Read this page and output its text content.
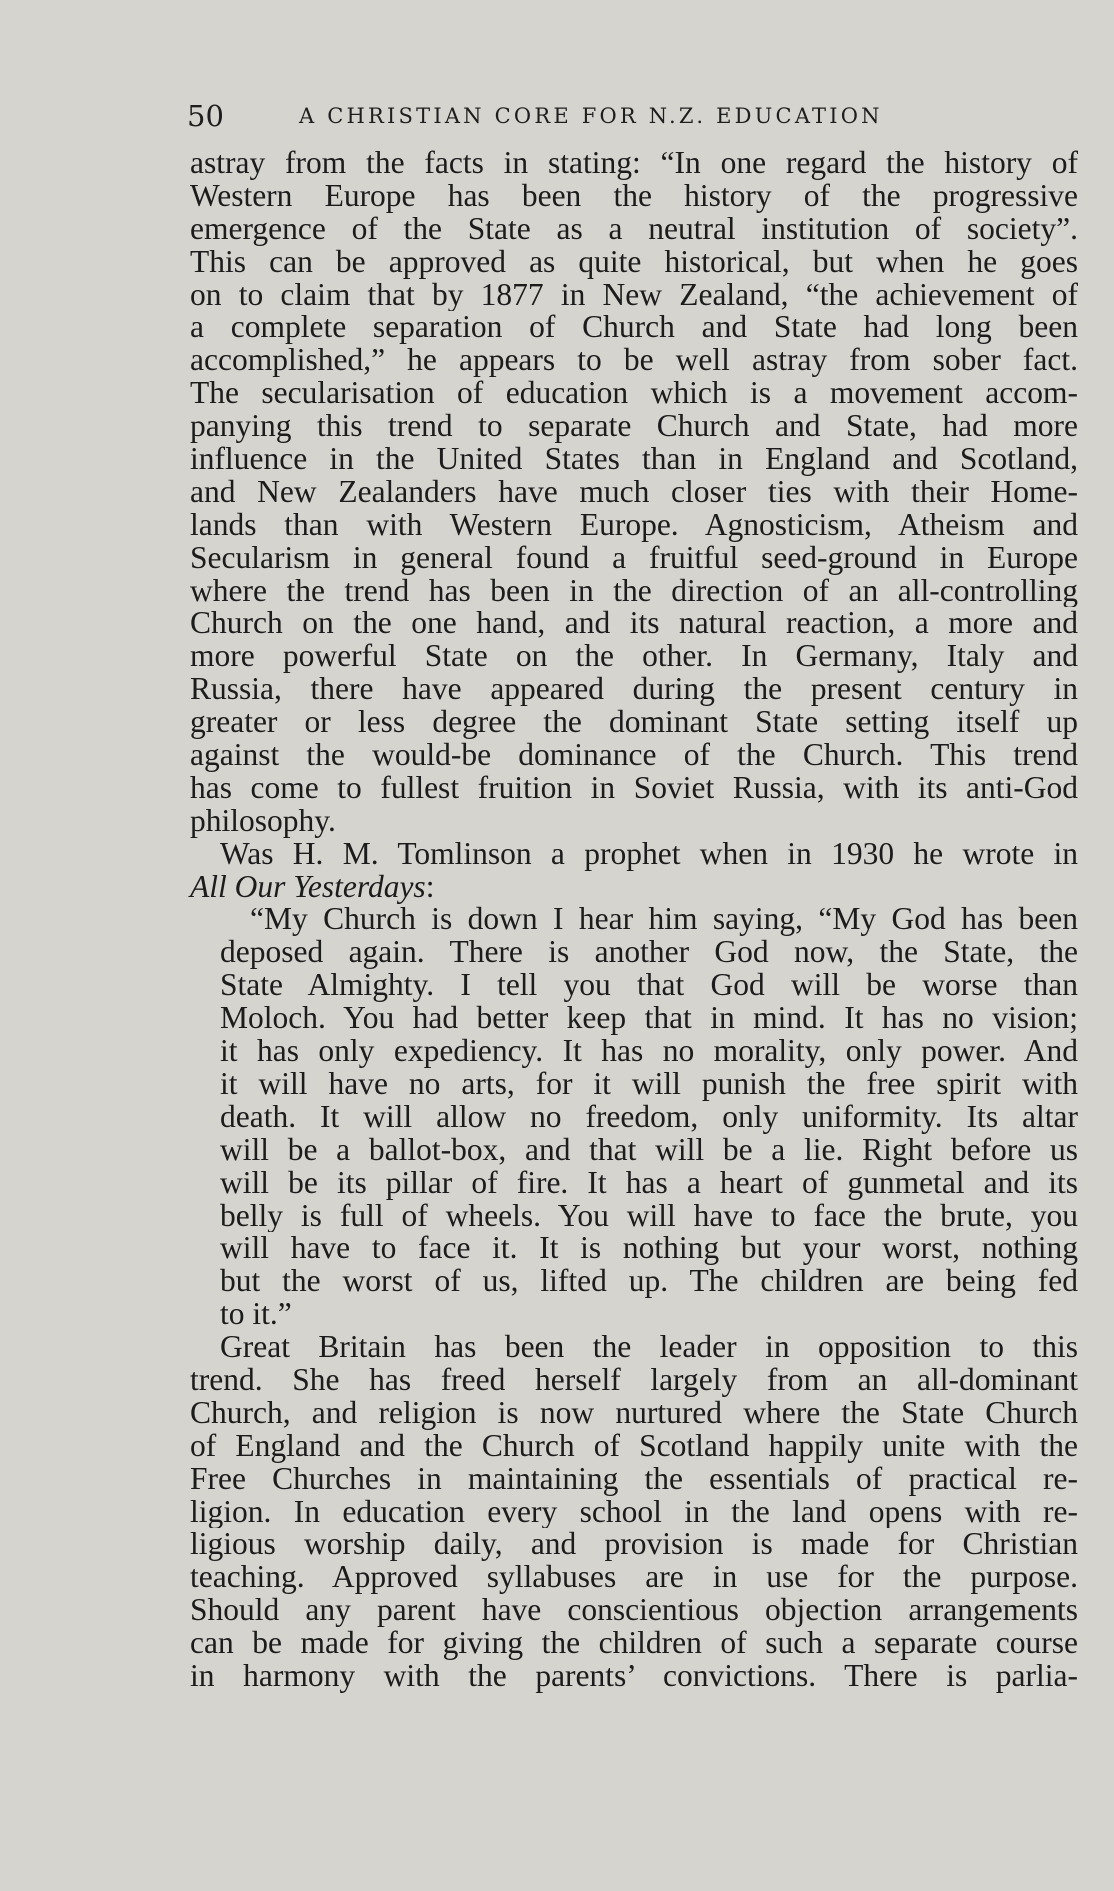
50	A CHRISTIAN CORE FOR N.Z. EDUCATION
astray from the facts in stating: “In one regard the history of
Western Europe has been the history of the progressive
emergence of the State as a neutral institution of society”.
This can be approved as quite historical, but when he goes
on to claim that by 1877 in New Zealand, “the achievement of
a complete separation of Church and State had long been
accomplished,” he appears to be well astray from sober fact.
The secularisation of education which is a movement accom-
panying this trend to separate Church and State, had more
influence in the United States than in England and Scotland,
and New Zealanders have much closer ties with their Home-
lands than with Western Europe. Agnosticism, Atheism and
Secularism in general found a fruitful seed-ground in Europe
where the trend has been in the direction of an all-controlling
Church on the one hand, and its natural reaction, a more and
more powerful State on the other. In Germany, Italy and
Russia, there have appeared during the present century in
greater or less degree the dominant State setting itself up
against the would-be dominance of the Church. This trend
has come to fullest fruition in Soviet Russia, with its anti-God
philosophy.
Was H. M. Tomlinson a prophet when in 1930 he wrote in
All Our Yesterdays:
“My Church is down I hear him saying, “My God has been
deposed again. There is another God now, the State, the
State Almighty. I tell you that God will be worse than
Moloch. You had better keep that in mind. It has no vision;
it has only expediency. It has no morality, only power. And
it will have no arts, for it will punish the free spirit with
death. It will allow no freedom, only uniformity. Its altar
will be a ballot-box, and that will be a lie. Right before us
will be its pillar of fire. It has a heart of gunmetal and its
belly is full of wheels. You will have to face the brute, you
will have to face it. It is nothing but your worst, nothing
but the worst of us, lifted up. The children are being fed
to it.”
Great Britain has been the leader in opposition to this
trend. She has freed herself largely from an all-dominant
Church, and religion is now nurtured where the State Church
of England and the Church of Scotland happily unite with the
Free Churches in maintaining the essentials of practical re-
ligion. In education every school in the land opens with re-
ligious worship daily, and provision is made for Christian
teaching. Approved syllabuses are in use for the purpose.
Should any parent have conscientious objection arrangements
can be made for giving the children of such a separate course
in harmony with the parents’ convictions. There is parlia-
